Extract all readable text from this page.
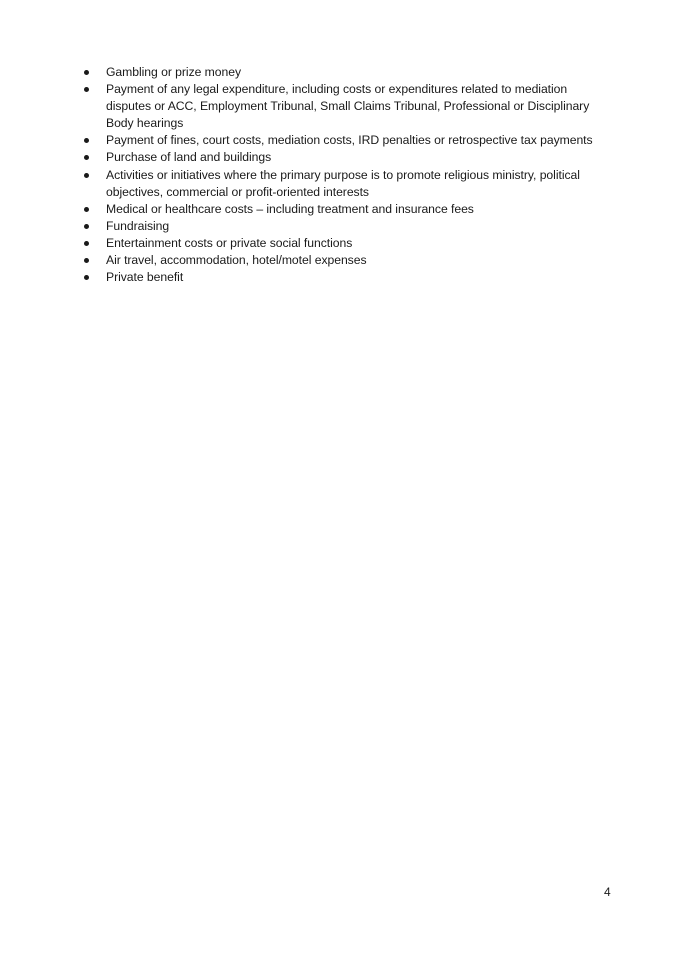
Gambling or prize money
Payment of any legal expenditure, including costs or expenditures related to mediation disputes or ACC, Employment Tribunal, Small Claims Tribunal, Professional or Disciplinary Body hearings
Payment of fines, court costs, mediation costs, IRD penalties or retrospective tax payments
Purchase of land and buildings
Activities or initiatives where the primary purpose is to promote religious ministry, political objectives, commercial or profit-oriented interests
Medical or healthcare costs – including treatment and insurance fees
Fundraising
Entertainment costs or private social functions
Air travel, accommodation, hotel/motel expenses
Private benefit
4
